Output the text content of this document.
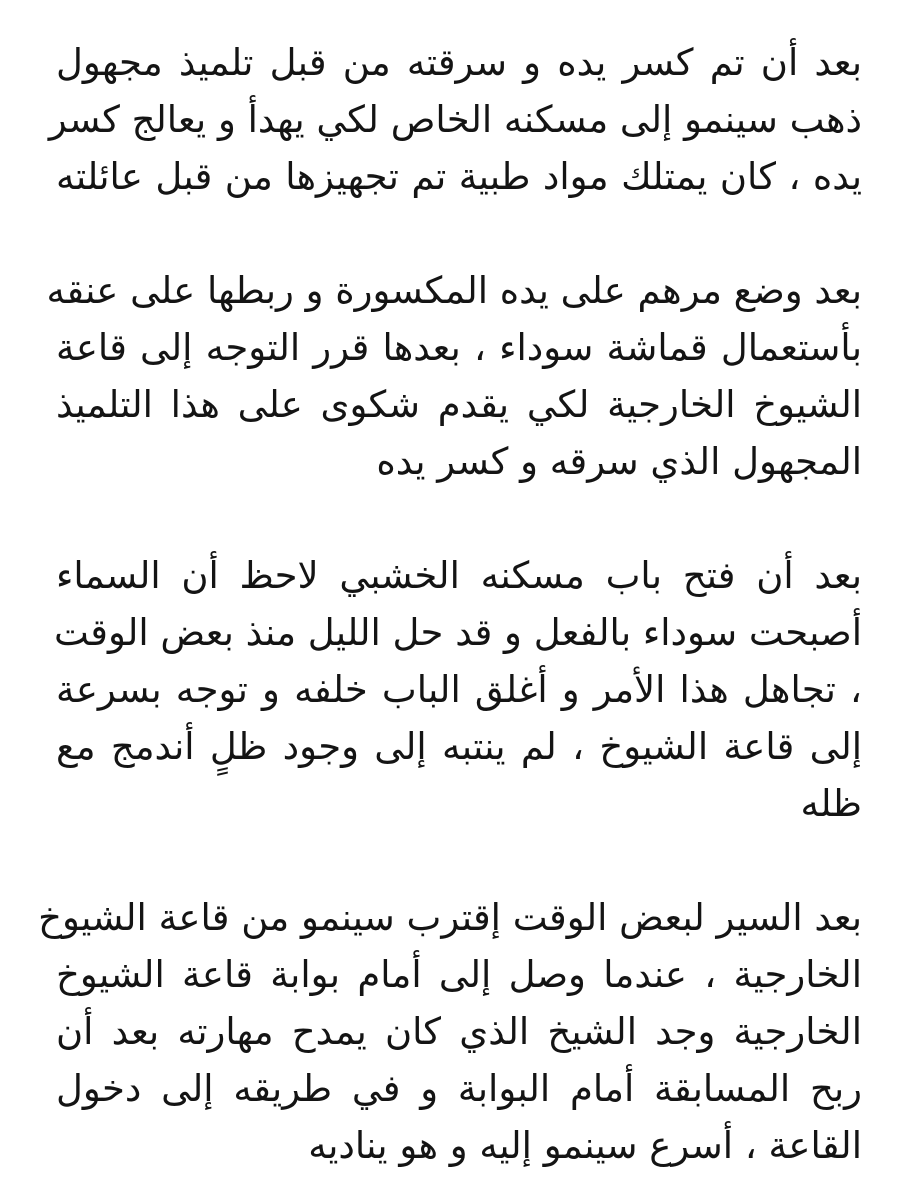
بعد أن تم كسر يده و سرقته من قبل تلميذ مجهول
ذهب سينمو إلى مسكنه الخاص لكي يهدأ و يعالج كسر
يده ، كان يمتلك مواد طبية تم تجهيزها من قبل عائلته

بعد وضع مرهم على يده المكسورة و ربطها على عنقه
بأستعمال قماشة سوداء ، بعدها قرر التوجه إلى قاعة
الشيوخ الخارجية لكي يقدم شكوى على هذا التلميذ
المجهول الذي سرقه و كسر يده

بعد أن فتح باب مسكنه الخشبي لاحظ أن السماء
أصبحت سوداء بالفعل و قد حل الليل منذ بعض الوقت
، تجاهل هذا الأمر و أغلق الباب خلفه و توجه بسرعة
إلى قاعة الشيوخ ، لم ينتبه إلى وجود ظلٍ أندمج مع
ظله

بعد السير لبعض الوقت إقترب سينمو من قاعة الشيوخ
الخارجية ، عندما وصل إلى أمام بوابة قاعة الشيوخ
الخارجية وجد الشيخ الذي كان يمدح مهارته بعد أن
ربح المسابقة أمام البوابة و في طريقه إلى دخول
القاعة ، أسرع سينمو إليه و هو يناديه
